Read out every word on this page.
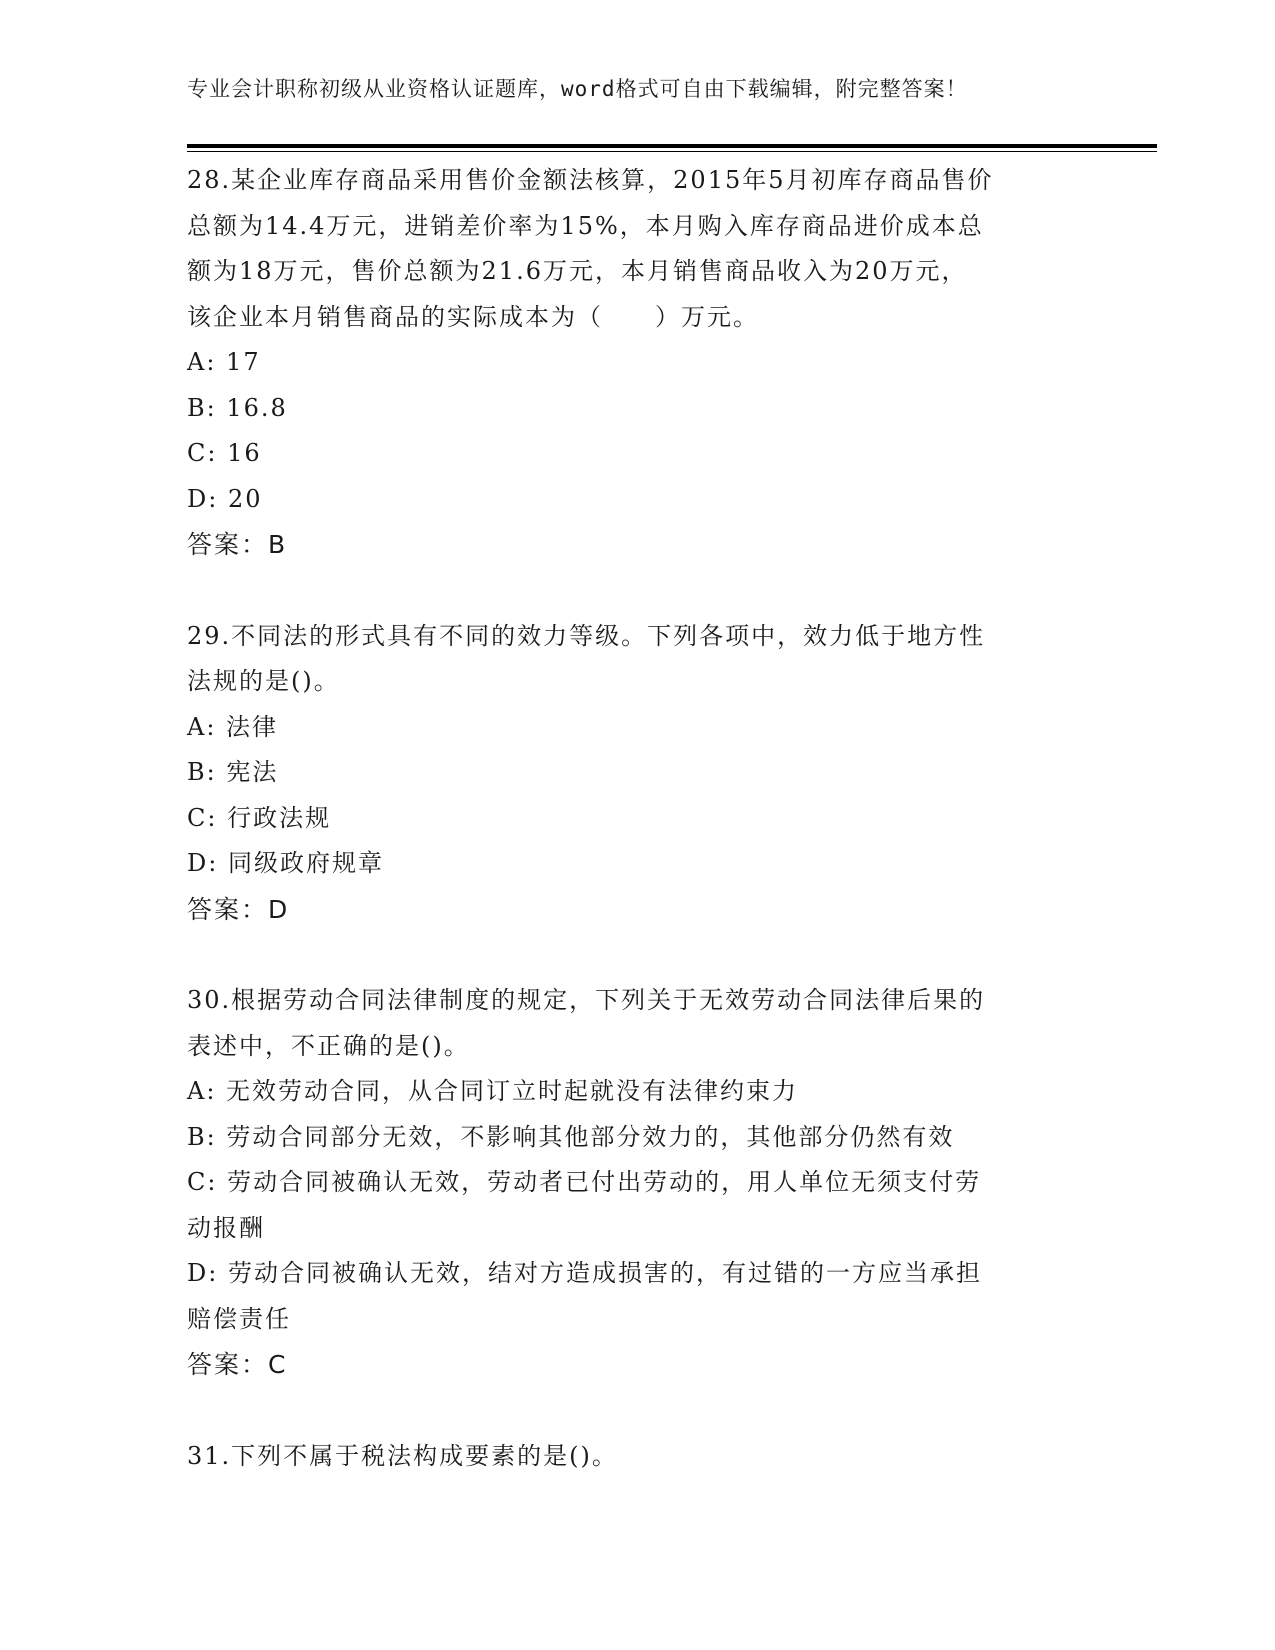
专业会计职称初级从业资格认证题库，word格式可自由下载编辑，附完整答案！
28.某企业库存商品采用售价金额法核算，2015年5月初库存商品售价
总额为14.4万元，进销差价率为15%，本月购入库存商品进价成本总
额为18万元，售价总额为21.6万元，本月销售商品收入为20万元，
该企业本月销售商品的实际成本为（　　）万元。
A: 17
B: 16.8
C: 16
D: 20
答案：B
29.不同法的形式具有不同的效力等级。下列各项中，效力低于地方性
法规的是()。
A: 法律
B: 宪法
C: 行政法规
D: 同级政府规章
答案：D
30.根据劳动合同法律制度的规定，下列关于无效劳动合同法律后果的
表述中，不正确的是()。
A: 无效劳动合同，从合同订立时起就没有法律约束力
B: 劳动合同部分无效，不影响其他部分效力的，其他部分仍然有效
C: 劳动合同被确认无效，劳动者已付出劳动的，用人单位无须支付劳
动报酬
D: 劳动合同被确认无效，结对方造成损害的，有过错的一方应当承担
赔偿责任
答案：C
31.下列不属于税法构成要素的是()。
